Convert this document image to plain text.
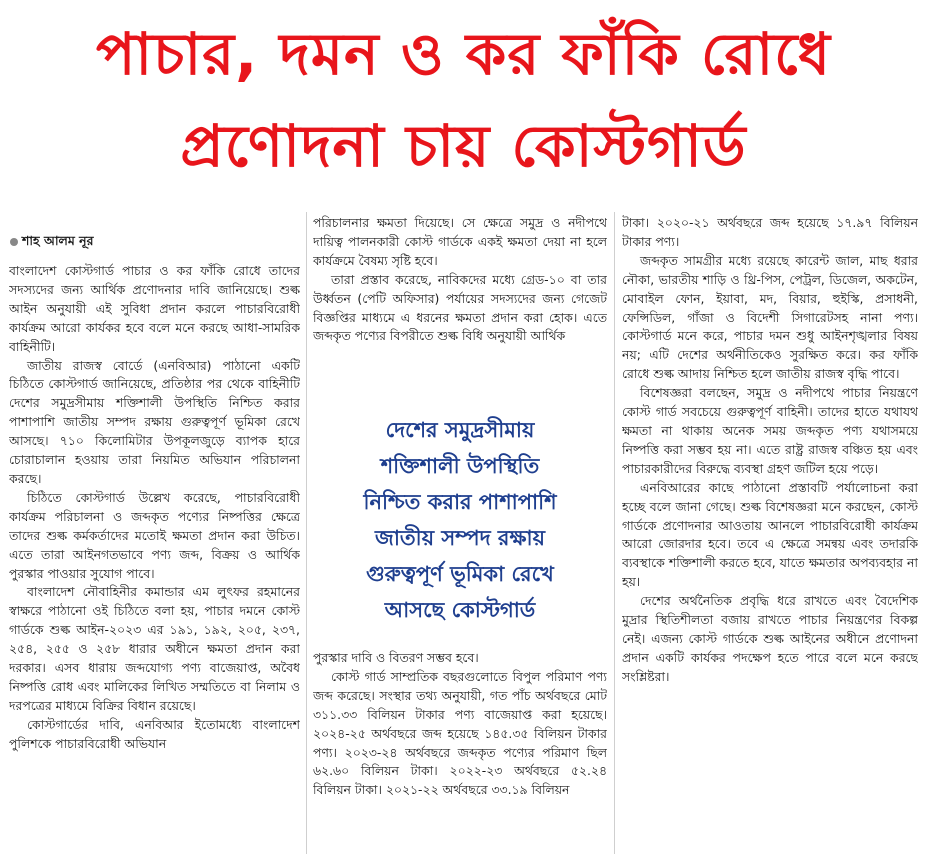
পাচার, দমন ও কর ফাঁকি রোধে
প্রণোদনা চায় কোস্টগার্ড
শাহ আলম নূর

বাংলাদেশ কোস্টগার্ড পাচার ও কর ফাঁকি রোধে তাদের সদস্যদের জন্য আর্থিক প্রণোদনার দাবি জানিয়েছে। শুল্ক আইন অনুযায়ী এই সুবিধা প্রদান করলে পাচারবিরোধী কার্যক্রম আরো কার্যকর হবে বলে মনে করছে আধা-সামরিক বাহিনীটি।

জাতীয় রাজস্ব বোর্ডে (এনবিআর) পাঠানো একটি চিঠিতে কোস্টগার্ড জানিয়েছে, প্রতিষ্ঠার পর থেকে বাহিনীটি দেশের সমুদ্রসীমায় শক্তিশালী উপস্থিতি নিশ্চিত করার পাশাপাশি জাতীয় সম্পদ রক্ষায় গুরুত্বপূর্ণ ভূমিকা রেখে আসছে। ৭১০ কিলোমিটার উপকূলজুড়ে ব্যাপক হারে চোরাচালান হওয়ায় তারা নিয়মিত অভিযান পরিচালনা করছে।

চিঠিতে কোস্টগার্ড উল্লেখ করেছে, পাচারবিরোধী কার্যক্রম পরিচালনা ও জব্দকৃত পণ্যের নিষ্পত্তির ক্ষেত্রে তাদের শুল্ক কর্মকর্তাদের মতোই ক্ষমতা প্রদান করা উচিত। এতে তারা আইনগতভাবে পণ্য জব্দ, বিক্রয় ও আর্থিক পুরস্কার পাওয়ার সুযোগ পাবে।

বাংলাদেশ নৌবাহিনীর কমান্ডার এম লুৎফর রহমানের স্বাক্ষরে পাঠানো ওই চিঠিতে বলা হয়, পাচার দমনে কোস্ট গার্ডকে শুল্ক আইন-২০২৩ এর ১৯১, ১৯২, ২০৫, ২৩৭, ২৫৪, ২৫৫ ও ২৫৮ ধারার অধীনে ক্ষমতা প্রদান করা দরকার। এসব ধারায় জব্দযোগ্য পণ্য বাজেয়াপ্ত, অবৈধ নিষ্পত্তি রোধ এবং মালিকের লিখিত সম্মতিতে বা নিলাম ও দরপত্রের মাধ্যমে বিক্রির বিধান রয়েছে।

কোস্টগার্ডের দাবি, এনবিআর ইতোমধ্যে বাংলাদেশ পুলিশকে পাচারবিরোধী অভিযান

পরিচালনার ক্ষমতা দিয়েছে। সে ক্ষেত্রে সমুদ্র ও নদীপথে দায়িত্ব পালনকারী কোস্ট গার্ডকে একই ক্ষমতা দেয়া না হলে কার্যক্রমে বৈষম্য সৃষ্টি হবে।

তারা প্রস্তাব করেছে, নাবিকদের মধ্যে গ্রেড-১০ বা তার উর্ধ্বতন (পেটি অফিসার) পর্যায়ের সদস্যদের জন্য গেজেট বিজ্ঞপ্তির মাধ্যমে এ ধরনের ক্ষমতা প্রদান করা হোক। এতে জব্দকৃত পণ্যের বিপরীতে শুল্ক বিধি অনুযায়ী আর্থিক

দেশের সমুদ্রসীমায়
শক্তিশালী উপস্থিতি
নিশ্চিত করার পাশাপাশি
জাতীয় সম্পদ রক্ষায়
গুরুত্বপূর্ণ ভূমিকা রেখে
আসছে কোস্টগার্ড

পুরস্কার দাবি ও বিতরণ সম্ভব হবে।

কোস্ট গার্ড সাম্প্রতিক বছরগুলোতে বিপুল পরিমাণ পণ্য জব্দ করেছে। সংস্থার তথ্য অনুযায়ী, গত পাঁচ অর্থবছরে মোট ৩১১.৩৩ বিলিয়ন টাকার পণ্য বাজেয়াপ্ত করা হয়েছে। ২০২৪-২৫ অর্থবছরে জব্দ হয়েছে ১৪৫.৩৫ বিলিয়ন টাকার পণ্য। ২০২৩-২৪ অর্থবছরে জব্দকৃত পণ্যের পরিমাণ ছিল ৬২.৬০ বিলিয়ন টাকা। ২০২২-২৩ অর্থবছরে ৫২.২৪ বিলিয়ন টাকা। ২০২১-২২ অর্থবছরে ৩৩.১৯ বিলিয়ন

টাকা। ২০২০-২১ অর্থবছরে জব্দ হয়েছে ১৭.৯৭ বিলিয়ন টাকার পণ্য।

জব্দকৃত সামগ্রীর মধ্যে রয়েছে কারেন্ট জাল, মাছ ধরার নৌকা, ভারতীয় শাড়ি ও থ্রি-পিস, পেট্রল, ডিজেল, অকটেন, মোবাইল ফোন, ইয়াবা, মদ, বিয়ার, হুইস্কি, প্রসাধনী, ফেন্সিডিল, গাঁজা ও বিদেশী সিগারেটসহ নানা পণ্য। কোস্টগার্ড মনে করে, পাচার দমন শুধু আইনশৃঙ্খলার বিষয় নয়; এটি দেশের অর্থনীতিকেও সুরক্ষিত করে। কর ফাঁকি রোধে শুল্ক আদায় নিশ্চিত হলে জাতীয় রাজস্ব বৃদ্ধি পাবে।

বিশেষজ্ঞরা বলছেন, সমুদ্র ও নদীপথে পাচার নিয়ন্ত্রণে কোস্ট গার্ড সবচেয়ে গুরুত্বপূর্ণ বাহিনী। তাদের হাতে যথাযথ ক্ষমতা না থাকায় অনেক সময় জব্দকৃত পণ্য যথাসময়ে নিষ্পত্তি করা সম্ভব হয় না। এতে রাষ্ট্র রাজস্ব বঞ্চিত হয় এবং পাচারকারীদের বিরুদ্ধে ব্যবস্থা গ্রহণ জটিল হয়ে পড়ে।

এনবিআরের কাছে পাঠানো প্রস্তাবটি পর্যালোচনা করা হচ্ছে বলে জানা গেছে। শুল্ক বিশেষজ্ঞরা মনে করছেন, কোস্ট গার্ডকে প্রণোদনার আওতায় আনলে পাচারবিরোধী কার্যক্রম আরো জোরদার হবে। তবে এ ক্ষেত্রে সমন্বয় এবং তদারকি ব্যবস্থাকে শক্তিশালী করতে হবে, যাতে ক্ষমতার অপব্যবহার না হয়।

দেশের অর্থনৈতিক প্রবৃদ্ধি ধরে রাখতে এবং বৈদেশিক মুদ্রার স্থিতিশীলতা বজায় রাখতে পাচার নিয়ন্ত্রণের বিকল্প নেই। এজন্য কোস্ট গার্ডকে শুল্ক আইনের অধীনে প্রণোদনা প্রদান একটি কার্যকর পদক্ষেপ হতে পারে বলে মনে করছে সংশ্লিষ্টরা।
